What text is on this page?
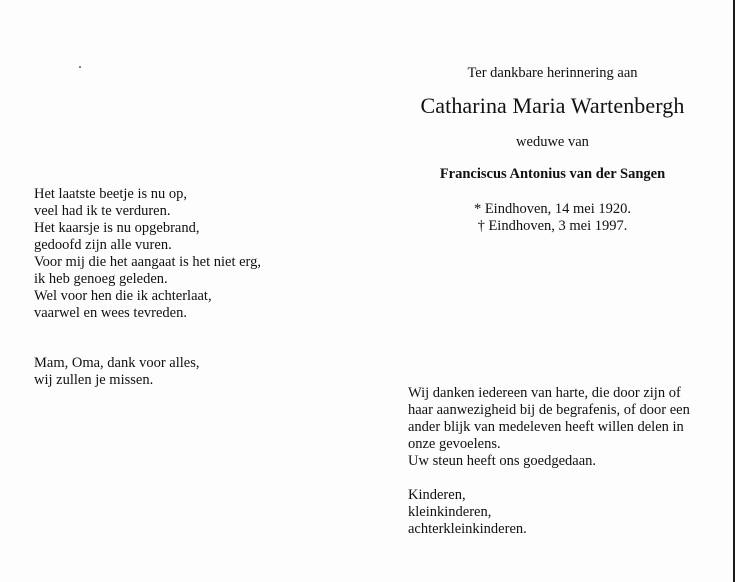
Het laatste beetje is nu op,
veel had ik te verduren.
Het kaarsje is nu opgebrand,
gedoofd zijn alle vuren.
Voor mij die het aangaat is het niet erg,
ik heb genoeg geleden.
Wel voor hen die ik achterlaat,
vaarwel en wees tevreden.
Mam, Oma, dank voor alles,
wij zullen je missen.
Ter dankbare herinnering aan
Catharina Maria Wartenbergh
weduwe van
Franciscus Antonius van der Sangen
* Eindhoven, 14 mei 1920.
† Eindhoven, 3 mei 1997.
Wij danken iedereen van harte, die door zijn of
haar aanwezigheid bij de begrafenis, of door een
ander blijk van medeleven heeft willen delen in
onze gevoelens.
Uw steun heeft ons goedgedaan.
Kinderen,
kleinkinderen,
achterkleinkinderen.
